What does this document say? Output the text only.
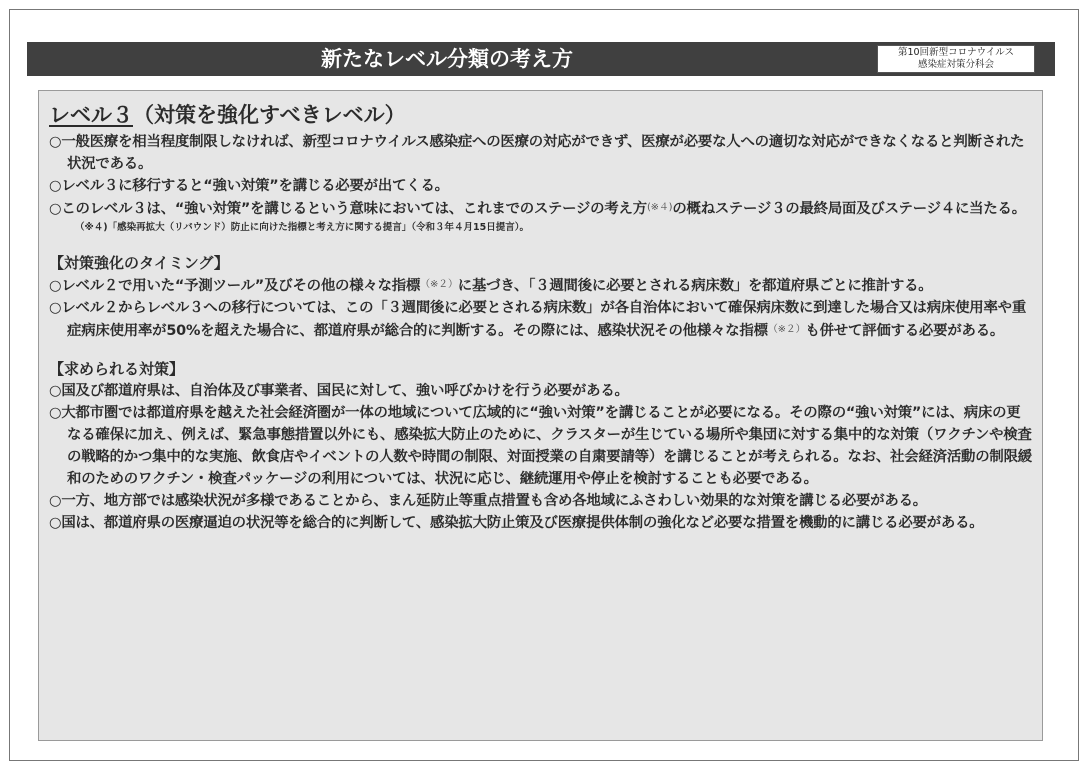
新たなレベル分類の考え方	第10回新型コロナウイルス
感染症対策分科会
レベル３（対策を強化すべきレベル）
○一般医療を相当程度制限しなければ、新型コロナウイルス感染症への医療の対応ができず、医療が必要な人への適切な対応ができなくなると判断された状況である。
○レベル３に移行すると“強い対策”を講じる必要が出てくる。
○このレベル３は、“強い対策”を講じるという意味においては、これまでのステージの考え方$^{(※4)}$の概ねステージ３の最終局面及びステージ４に当たる。
（※４)「感染再拡大（リバウンド）防止に向けた指標と考え方に関する提言」（令和３年４月15日提言）。
【対策強化のタイミング】
○レベル２で用いた“予測ツール”及びその他の様々な指標$^{(※2)}$に基づき、「３週間後に必要とされる病床数」を都道府県ごとに推計する。
○レベル２からレベル３への移行については、この「３週間後に必要とされる病床数」が各自治体において確保病床数に到達した場合又は病床使用率や重症病床使用率が50%を超えた場合に、都道府県が総合的に判断する。その際には、感染状況その他様々な指標$^{(※2)}$も併せて評価する必要がある。
【求められる対策】
○国及び都道府県は、自治体及び事業者、国民に対して、強い呼びかけを行う必要がある。
○大都市圏では都道府県を越えた社会経済圏が一体の地域について広域的に“強い対策”を講じることが必要になる。その際の“強い対策”には、病床の更なる確保に加え、例えば、緊急事態措置以外にも、感染拡大防止のために、クラスターが生じている場所や集団に対する集中的な対策（ワクチンや検査の戦略的かつ集中的な実施、飲食店やイベントの人数や時間の制限、対面授業の自粛要請等）を講じることが考えられる。なお、社会経済活動の制限緩和のためのワクチン・検査パッケージの利用については、状況に応じ、継続運用や停止を検討することも必要である。
○一方、地方部では感染状況が多様であることから、まん延防止等重点措置も含め各地域にふさわしい効果的な対策を講じる必要がある。
○国は、都道府県の医療逼迫の状況等を総合的に判断して、感染拡大防止策及び医療提供体制の強化など必要な措置を機動的に講じる必要がある。
